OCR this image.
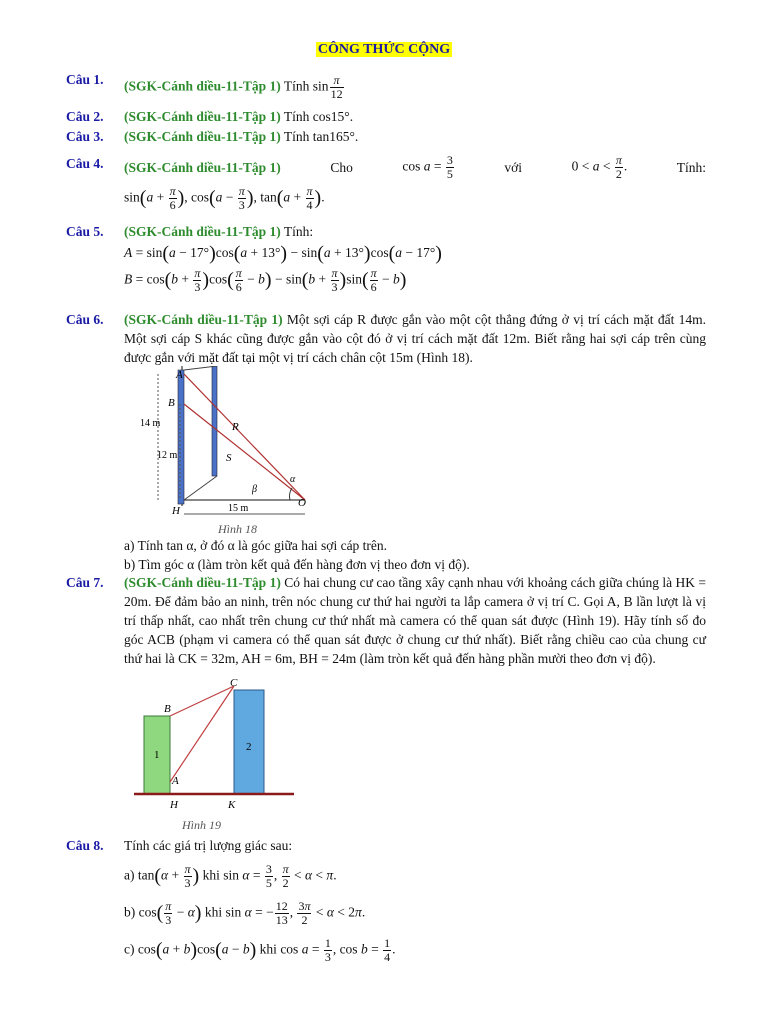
CÔNG THỨC CỘNG
Câu 1.	(SGK-Cánh diều-11-Tập 1) Tính $\sin \frac{\pi}{12}$
Câu 2.	(SGK-Cánh diều-11-Tập 1) Tính cos15°.
Câu 3.	(SGK-Cánh diều-11-Tập 1) Tính tan165°.
Câu 4.	(SGK-Cánh diều-11-Tập 1)	Cho	$\cos a = \frac{3}{5}$	với	$0 < a < \frac{\pi}{2}$ .	Tính:
$\sin(a + \frac{\pi}{6}$ ), $\cos(a - \frac{\pi}{3}$ ), $\tan(a + \frac{\pi}{4}$ ).
Câu 5.	(SGK-Cánh diều-11-Tập 1) Tính:
A = sin(a − 17°)cos(a + 13°) − sin(a + 13°)cos(a − 17°)
$B = \cos(b + \frac{\pi}{3} )\cos( \frac{\pi}{6} - b) - \sin(b + \frac{\pi}{3} )\sin( \frac{\pi}{6} - b)$
Câu 6.	(SGK-Cánh diều-11-Tập 1) Một sợi cáp R được gắn vào một cột thẳng đứng ở vị trí cách mặt đất 14m. Một sợi cáp S khác cũng được gắn vào cột đó ở vị trí cách mặt đất 12m. Biết rằng hai sợi cáp trên cùng được gắn với mặt đất tại một vị trí cách chân cột 15m (Hình 18).
A
B
H
O
R
S
α
β
14 m
12 m
15 m
Hình 18
a) Tính tan α, ở đó α là góc giữa hai sợi cáp trên.
b) Tìm góc α (làm tròn kết quả đến hàng đơn vị theo đơn vị độ).
Câu 7.	(SGK-Cánh diều-11-Tập 1) Có hai chung cư cao tầng xây cạnh nhau với khoảng cách giữa chúng là HK = 20m. Để đảm bảo an ninh, trên nóc chung cư thứ hai người ta lắp camera ở vị trí C. Gọi A, B lần lượt là vị trí thấp nhất, cao nhất trên chung cư thứ nhất mà camera có thể quan sát được (Hình 19). Hãy tính số đo góc ACB (phạm vi camera có thể quan sát được ở chung cư thứ nhất). Biết rằng chiều cao của chung cư thứ hai là CK = 32m, AH = 6m, BH = 24m (làm tròn kết quả đến hàng phần mười theo đơn vị độ).
B
C
A
H	K
1
2
Hình 19
Câu 8.	Tính các giá trị lượng giác sau:
a) $\tan(\alpha + \frac{\pi}{3}$ ) khi $\sin \alpha = \frac{3}{5}$ , $\frac{\pi}{2} < \alpha < \pi$.
b) $\cos( \frac{\pi}{3} - \alpha)$ khi sin α = − $\frac{12}{13}$ , $\frac{3\pi}{2} < \alpha < 2\pi$.
c) cos(a + b)cos(a − b) khi $\cos a = \frac{1}{3}$ , $\cos b = \frac{1}{4}$ .
